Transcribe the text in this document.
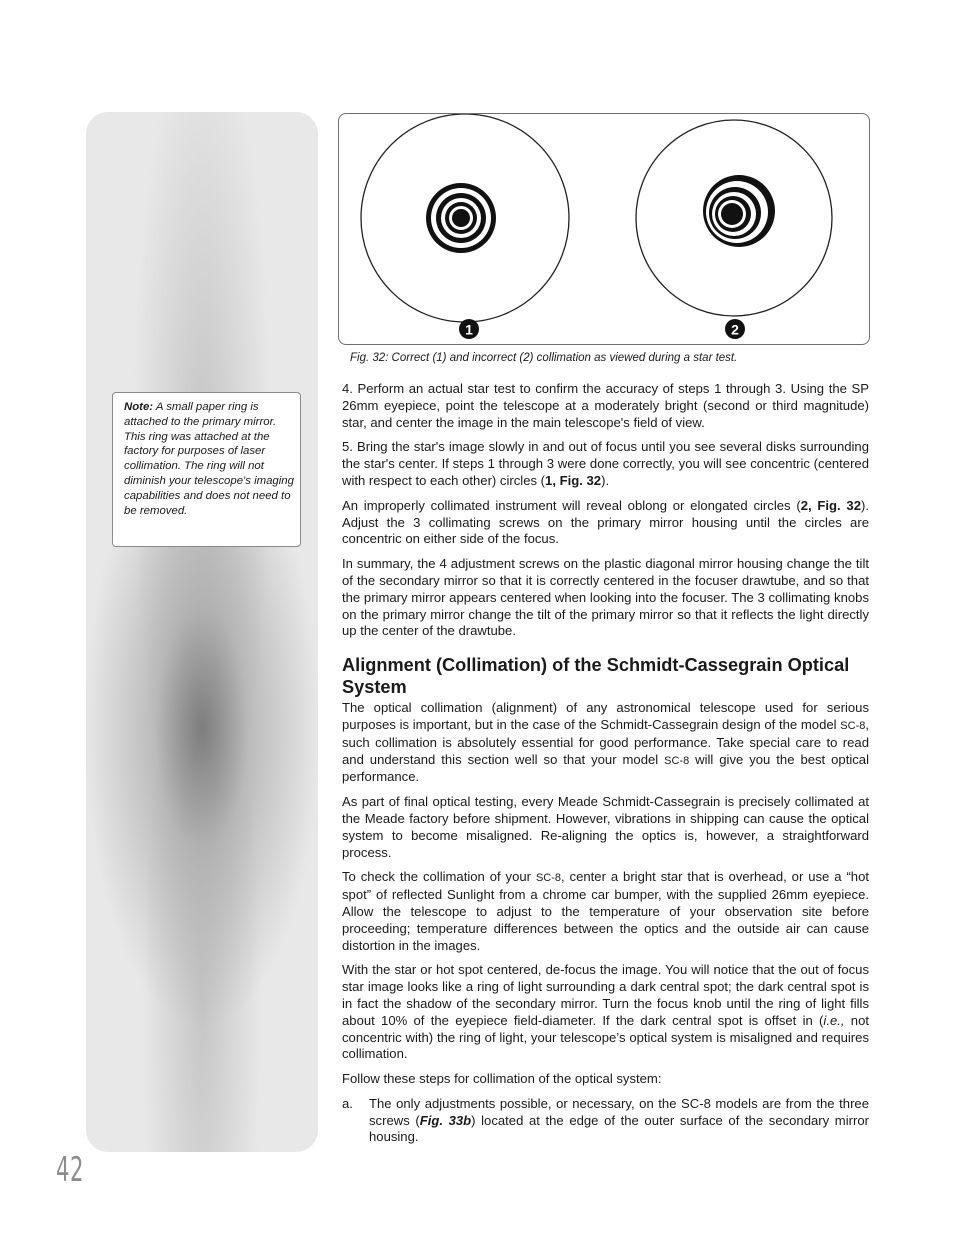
Note: A small paper ring is attached to the primary mirror. This ring was attached at the factory for purposes of laser collimation. The ring will not diminish your telescope's imaging capabilities and does not need to be removed.
1	2
Fig. 32: Correct (1) and incorrect (2) collimation as viewed during a star test.

4. Perform an actual star test to confirm the accuracy of steps 1 through 3. Using the SP 26mm eyepiece, point the telescope at a moderately bright (second or third magnitude) star, and center the image in the main telescope's field of view.

5. Bring the star's image slowly in and out of focus until you see several disks surrounding the star's center. If steps 1 through 3 were done correctly, you will see concentric (centered with respect to each other) circles (1, Fig. 32).

An improperly collimated instrument will reveal oblong or elongated circles (2, Fig. 32). Adjust the 3 collimating screws on the primary mirror housing until the circles are concentric on either side of the focus.

In summary, the 4 adjustment screws on the plastic diagonal mirror housing change the tilt of the secondary mirror so that it is correctly centered in the focuser drawtube, and so that the primary mirror appears centered when looking into the focuser. The 3 collimating knobs on the primary mirror change the tilt of the primary mirror so that it reflects the light directly up the center of the drawtube.

Alignment (Collimation) of the Schmidt-Cassegrain Optical System

The optical collimation (alignment) of any astronomical telescope used for serious purposes is important, but in the case of the Schmidt-Cassegrain design of the model SC-8, such collimation is absolutely essential for good performance. Take special care to read and understand this section well so that your model SC-8 will give you the best optical performance.

As part of final optical testing, every Meade Schmidt-Cassegrain is precisely collimated at the Meade factory before shipment. However, vibrations in shipping can cause the optical system to become misaligned. Re-aligning the optics is, however, a straightforward process.

To check the collimation of your SC-8, center a bright star that is overhead, or use a “hot spot” of reflected Sunlight from a chrome car bumper, with the supplied 26mm eyepiece. Allow the telescope to adjust to the temperature of your observation site before proceeding; temperature differences between the optics and the outside air can cause distortion in the images.

With the star or hot spot centered, de-focus the image. You will notice that the out of focus star image looks like a ring of light surrounding a dark central spot; the dark central spot is in fact the shadow of the secondary mirror. Turn the focus knob until the ring of light fills about 10% of the eyepiece field-diameter. If the dark central spot is offset in (i.e., not concentric with) the ring of light, your telescope’s optical system is misaligned and requires collimation.

Follow these steps for collimation of the optical system:

a.	The only adjustments possible, or necessary, on the SC-8 models are from the three screws (Fig. 33b) located at the edge of the outer surface of the secondary mirror housing.
42
